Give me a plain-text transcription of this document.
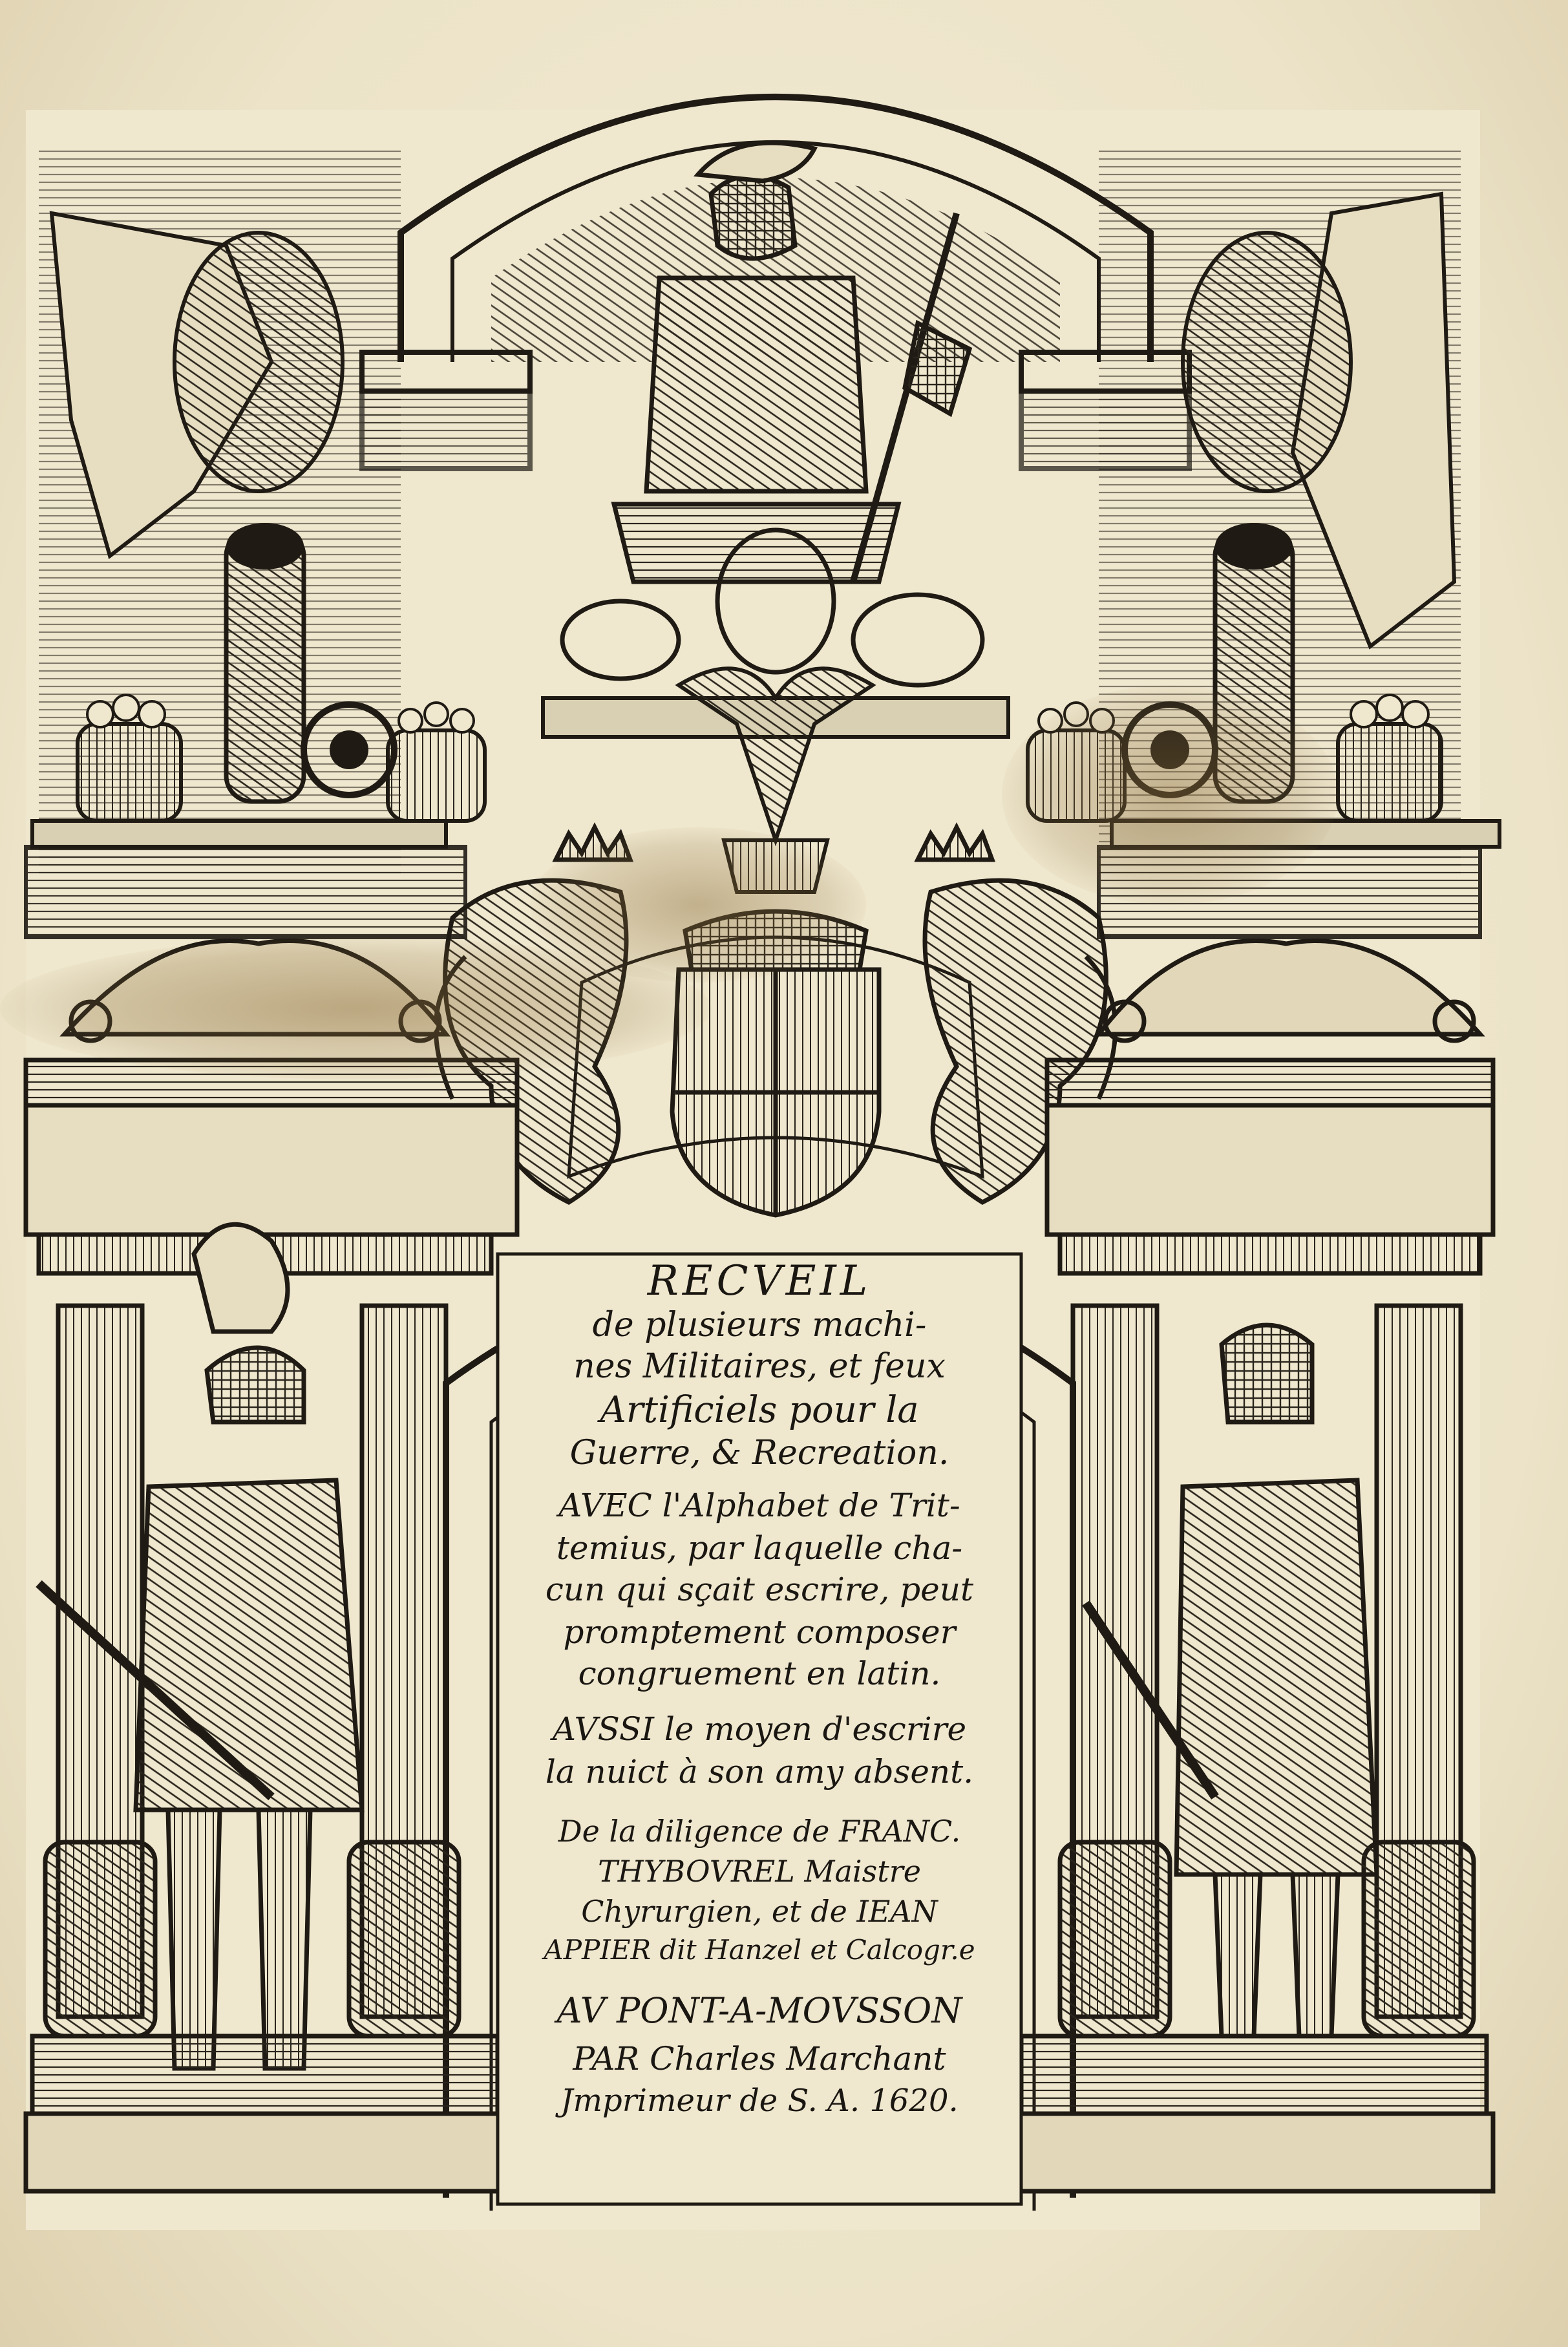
RECVEIL
de plusieurs machi-
nes Militaires, et feux
Artificiels pour la
Guerre, & Recreation.
AVEC l'Alphabet de Trit-
temius, par laquelle cha-
cun qui sçait escrire, peut
promptement composer
congruement en latin.
AVSSI le moyen d'escrire
la nuict à son amy absent.
De la diligence de FRANC.
THYBOVREL Maistre
Chyrurgien, et de IEAN
APPIER dit Hanzel et Calcogr.e
AV PONT-A-MOVSSON
PAR Charles Marchant
Jmprimeur de S. A. 1620.
